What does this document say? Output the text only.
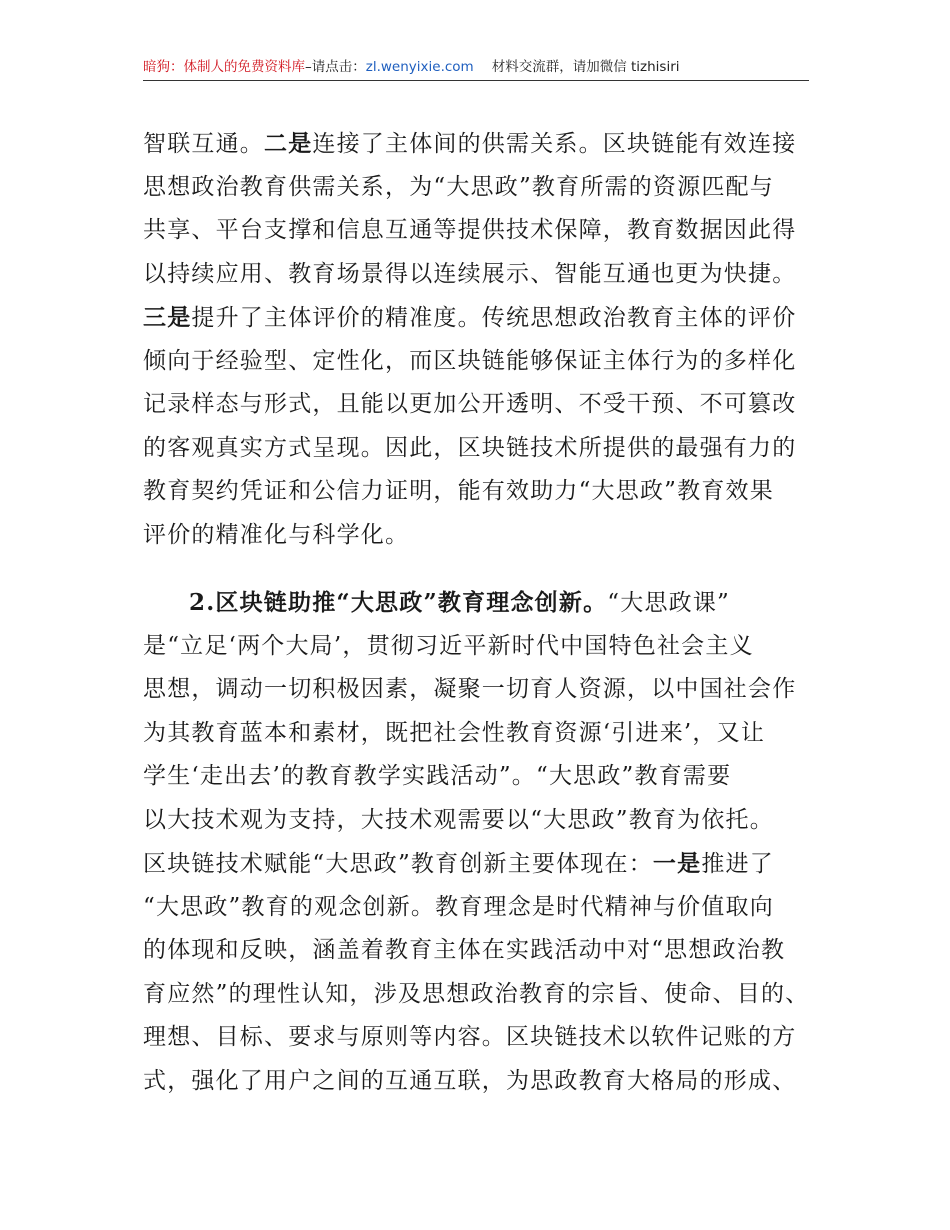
暗狗：体制人的免费资料库–请点击：zl.wenyixie.com 材料交流群，请加微信 tizhisiri
智联互通。二是连接了主体间的供需关系。区块链能有效连接
思想政治教育供需关系，为“大思政”教育所需的资源匹配与
共享、平台支撑和信息互通等提供技术保障，教育数据因此得
以持续应用、教育场景得以连续展示、智能互通也更为快捷。
三是提升了主体评价的精准度。传统思想政治教育主体的评价
倾向于经验型、定性化，而区块链能够保证主体行为的多样化
记录样态与形式，且能以更加公开透明、不受干预、不可篡改
的客观真实方式呈现。因此，区块链技术所提供的最强有力的
教育契约凭证和公信力证明，能有效助力“大思政”教育效果
评价的精准化与科学化。
2.区块链助推“大思政”教育理念创新。“大思政课”
是“立足‘两个大局’，贯彻习近平新时代中国特色社会主义
思想，调动一切积极因素，凝聚一切育人资源，以中国社会作
为其教育蓝本和素材，既把社会性教育资源‘引进来’，又让
学生‘走出去’的教育教学实践活动”。“大思政”教育需要
以大技术观为支持，大技术观需要以“大思政”教育为依托。
区块链技术赋能“大思政”教育创新主要体现在：一是推进了
“大思政”教育的观念创新。教育理念是时代精神与价值取向
的体现和反映，涵盖着教育主体在实践活动中对“思想政治教
育应然”的理性认知，涉及思想政治教育的宗旨、使命、目的、
理想、目标、要求与原则等内容。区块链技术以软件记账的方
式，强化了用户之间的互通互联，为思政教育大格局的形成、
